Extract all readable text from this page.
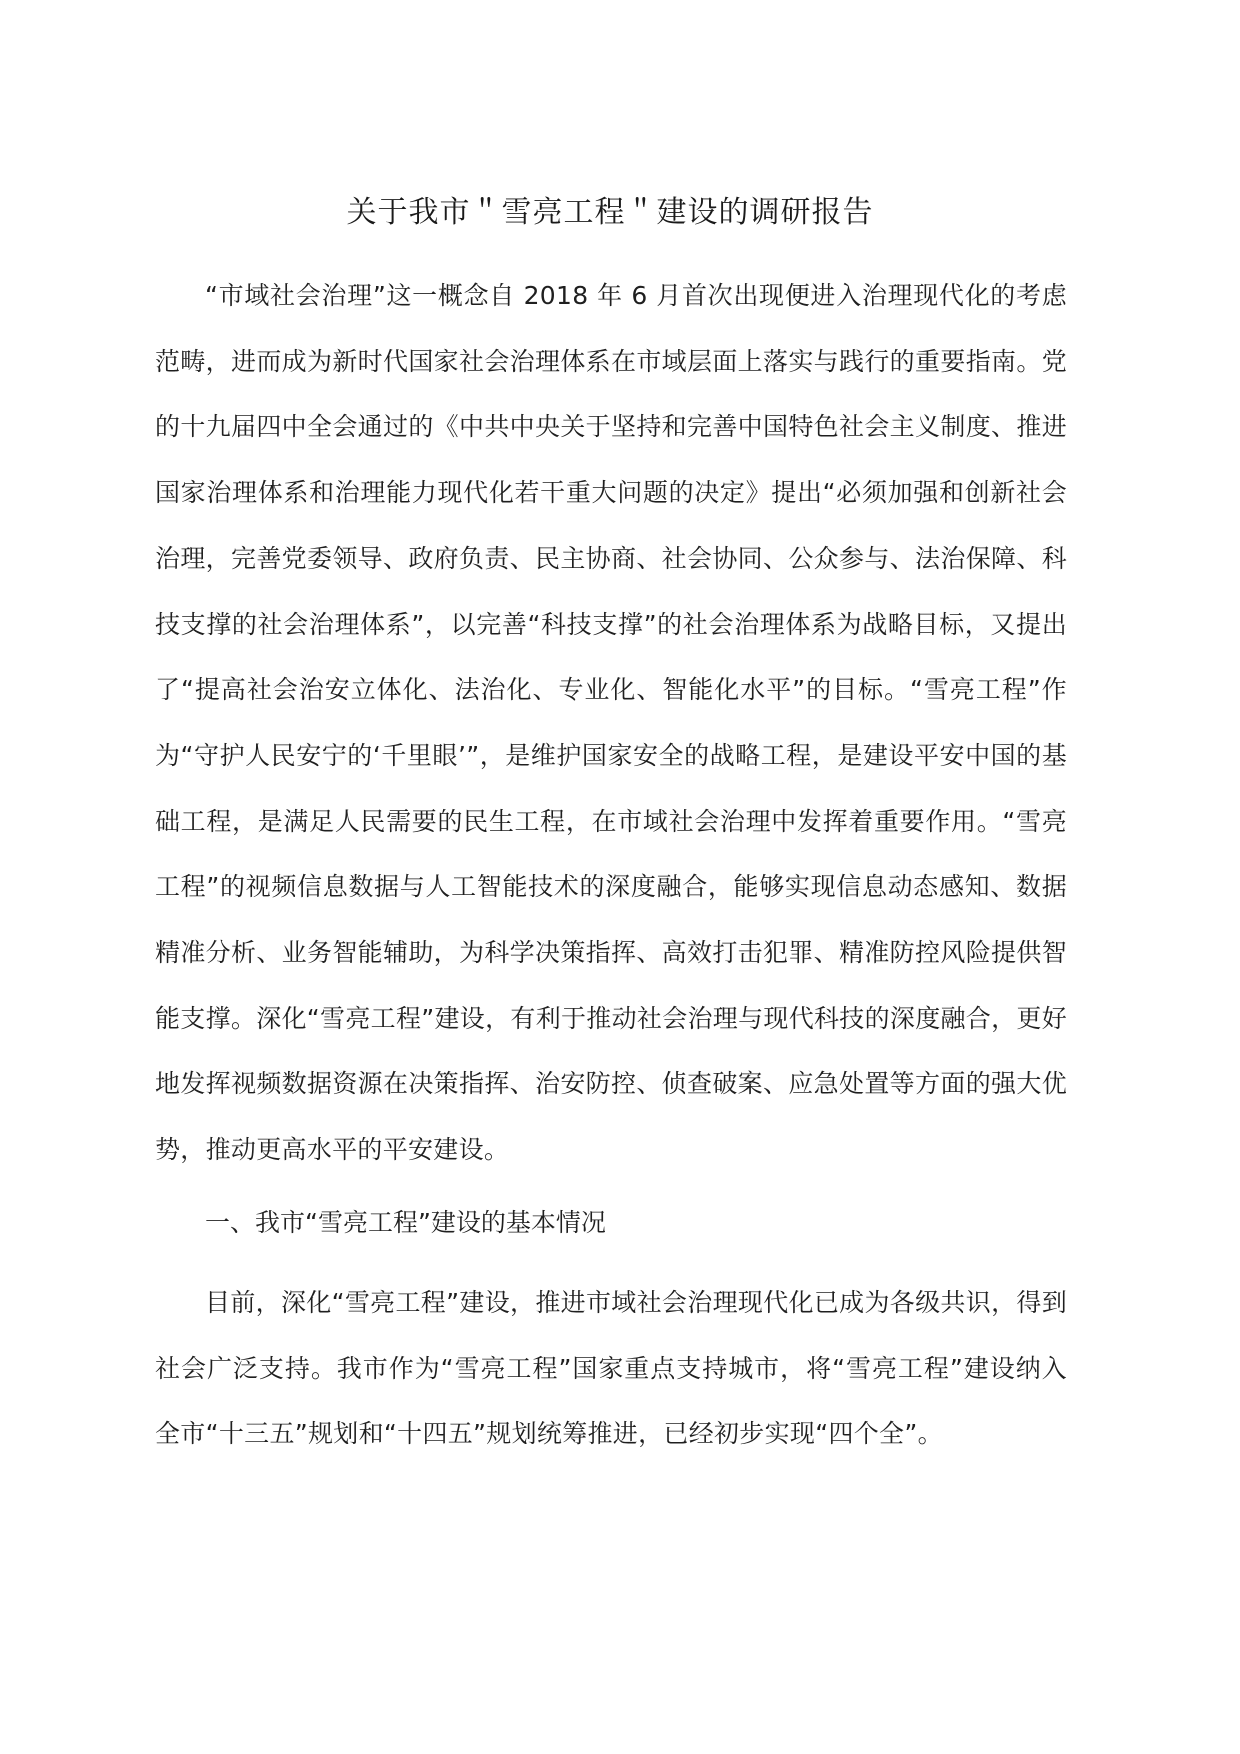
关于我市＂雪亮工程＂建设的调研报告

“市域社会治理”这一概念自 2018 年 6 月首次出现便进入治理现代化的考虑范畴，进而成为新时代国家社会治理体系在市域层面上落实与践行的重要指南。党的十九届四中全会通过的《中共中央关于坚持和完善中国特色社会主义制度、推进国家治理体系和治理能力现代化若干重大问题的决定》提出“必须加强和创新社会治理，完善党委领导、政府负责、民主协商、社会协同、公众参与、法治保障、科技支撑的社会治理体系”，以完善“科技支撑”的社会治理体系为战略目标，又提出了“提高社会治安立体化、法治化、专业化、智能化水平”的目标。“雪亮工程”作为“守护人民安宁的‘千里眼’”，是维护国家安全的战略工程，是建设平安中国的基础工程，是满足人民需要的民生工程，在市域社会治理中发挥着重要作用。“雪亮工程”的视频信息数据与人工智能技术的深度融合，能够实现信息动态感知、数据精准分析、业务智能辅助，为科学决策指挥、高效打击犯罪、精准防控风险提供智能支撑。深化“雪亮工程”建设，有利于推动社会治理与现代科技的深度融合，更好地发挥视频数据资源在决策指挥、治安防控、侦查破案、应急处置等方面的强大优势，推动更高水平的平安建设。

一、我市“雪亮工程”建设的基本情况

目前，深化“雪亮工程”建设，推进市域社会治理现代化已成为各级共识，得到社会广泛支持。我市作为“雪亮工程”国家重点支持城市，将“雪亮工程”建设纳入全市“十三五”规划和“十四五”规划统筹推进，已经初步实现“四个全”。
